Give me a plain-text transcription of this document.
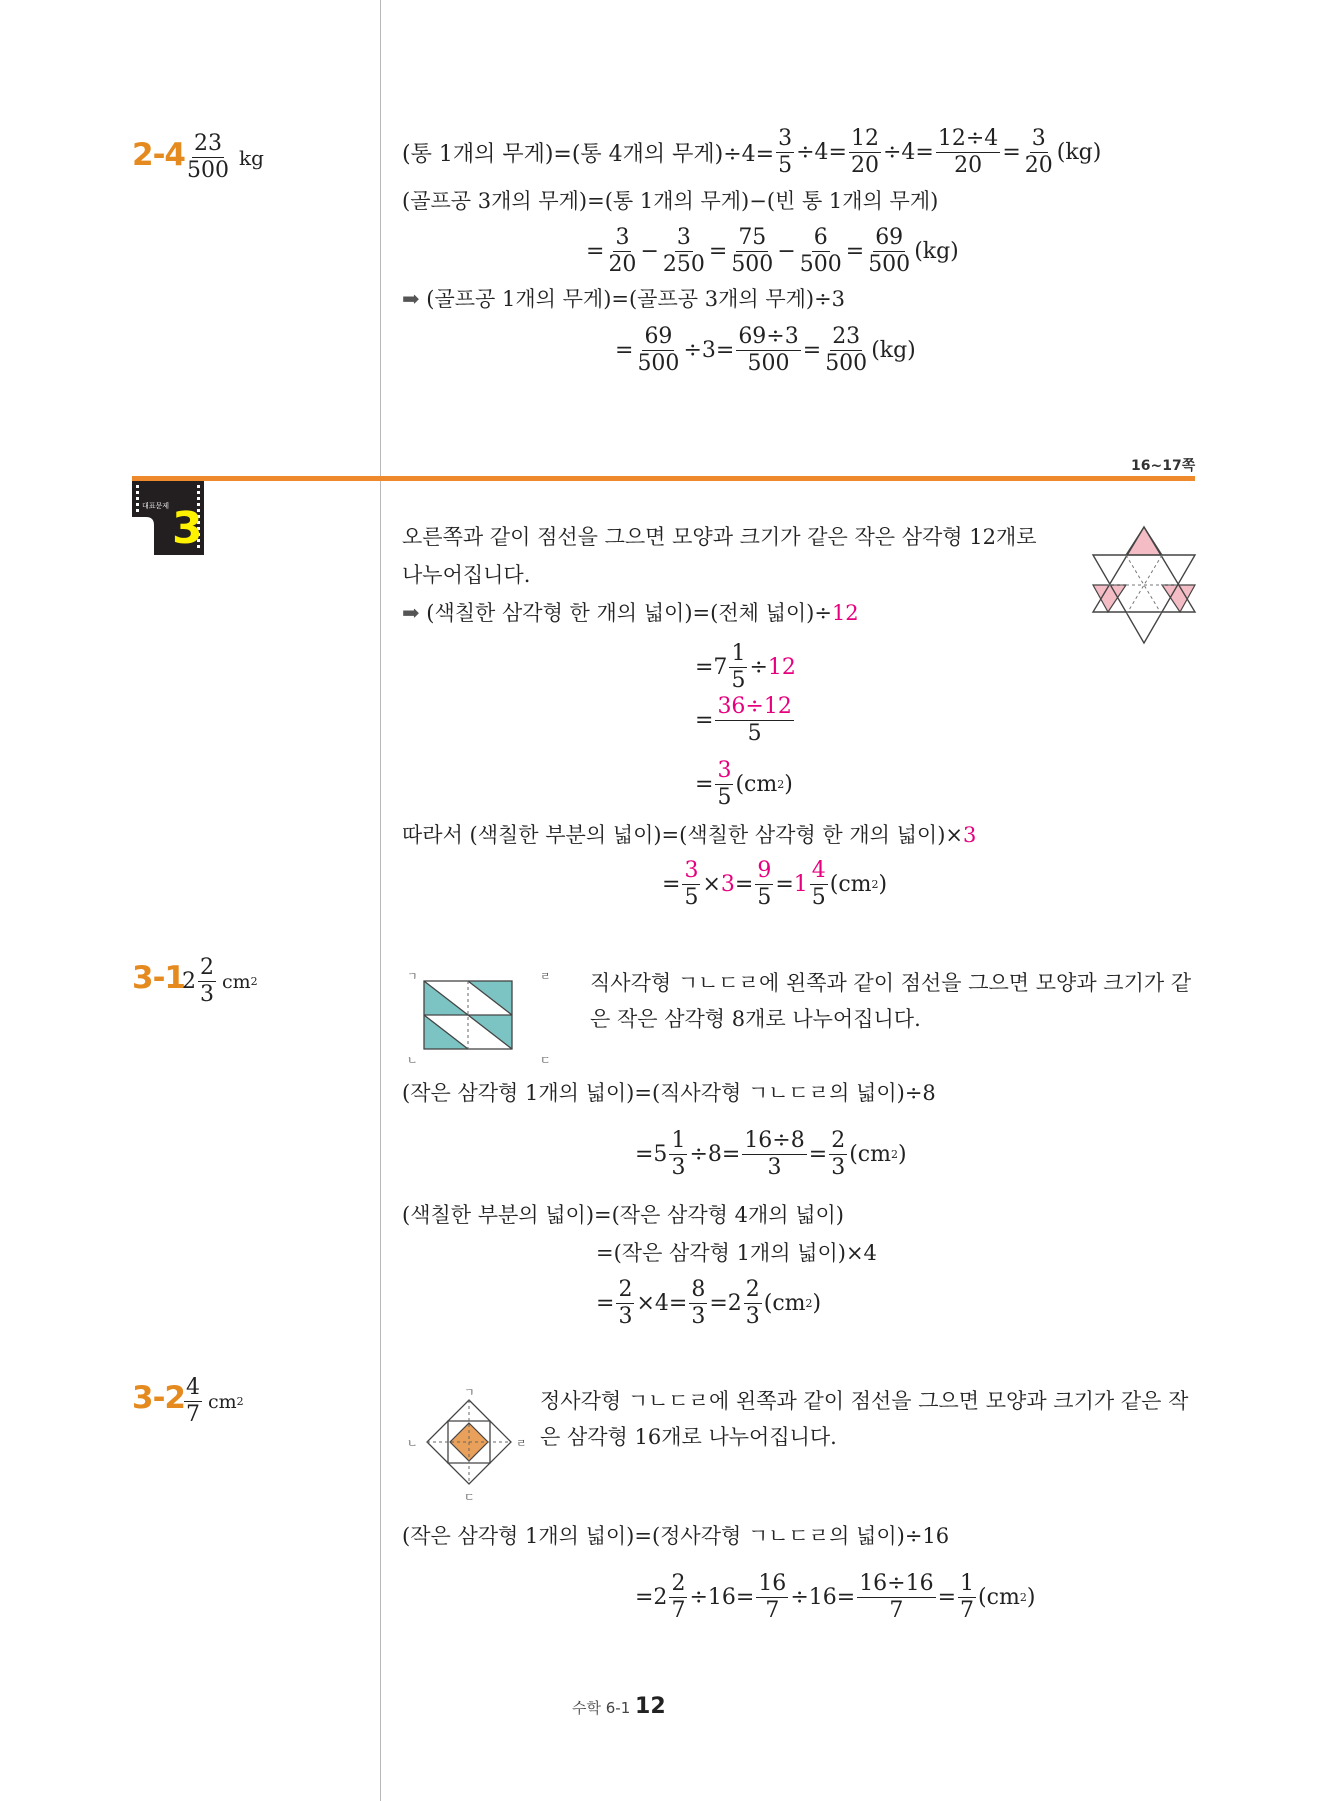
$2-4 \frac{23}{500}$ kg	(통 1개의 무게)=(통 4개의 무게)$\div 4= \frac{3}{5} \div 4= \frac{12}{20} \div 4= \frac{12\div 4}{20} = \frac{3}{20} (kg)$
(골프공 3개의 무게)=(통 1개의 무게)−(빈 통 1개의 무게)
= $\frac{3}{20} - \frac{3}{250} = \frac{75}{500} - \frac{6}{500} = \frac{69}{500} (kg)$
➡ (골프공 1개의 무게)=(골프공 3개의 무게)÷3
= $\frac{69}{500} \div 3= \frac{69\div 3}{500} = \frac{23}{500} (kg)$
16~17쪽
대표문제 3	오른쪽과 같이 점선을 그으면 모양과 크기가 같은 작은 삼각형 12개로
나누어집니다.
➡ (색칠한 삼각형 한 개의 넓이)=(전체 넓이)÷12
$=7 \frac{1}{5} \div 12$
= $\frac{36\div 12}{5}$
= $\frac{3}{5} (cm$ 2 )
따라서 (색칠한 부분의 넓이)=(색칠한 삼각형 한 개의 넓이)×3
= $\frac{3}{5} \times 3 = \frac{9}{5} = 1 \frac{4}{5} (cm$ 2 )
3-1
$2 \frac{2}{3}$ cm 2	ㄱ	ㄹ
ㄴ	ㄷ
직사각형 ㄱㄴㄷㄹ에 왼쪽과 같이 점선을 그으면 모양과 크기가 같
은 작은 삼각형 8개로 나누어집니다.
(작은 삼각형 1개의 넓이)=(직사각형 ㄱㄴㄷㄹ의 넓이)÷8
$=5 \frac{1}{3} \div 8= \frac{16\div 8}{3} = \frac{2}{3} (cm$ 2 )
(색칠한 부분의 넓이)=(작은 삼각형 4개의 넓이)
=(작은 삼각형 1개의 넓이)×4
= $\frac{2}{3} \times 4= \frac{8}{3} =2 \frac{2}{3} (cm$ 2 )
3-2
$\frac{4}{7}$ cm 2
ㄱ
ㄴ
ㄷ
ㄹ
정사각형 ㄱㄴㄷㄹ에 왼쪽과 같이 점선을 그으면 모양과 크기가 같은 작
은 삼각형 16개로 나누어집니다.
(작은 삼각형 1개의 넓이)=(정사각형 ㄱㄴㄷㄹ의 넓이)÷16
$=2 \frac{2}{7} \div 16= \frac{16}{7} \div 16= \frac{16\div 16}{7} = \frac{1}{7} (cm$ 2 )
수학 6-1 12
